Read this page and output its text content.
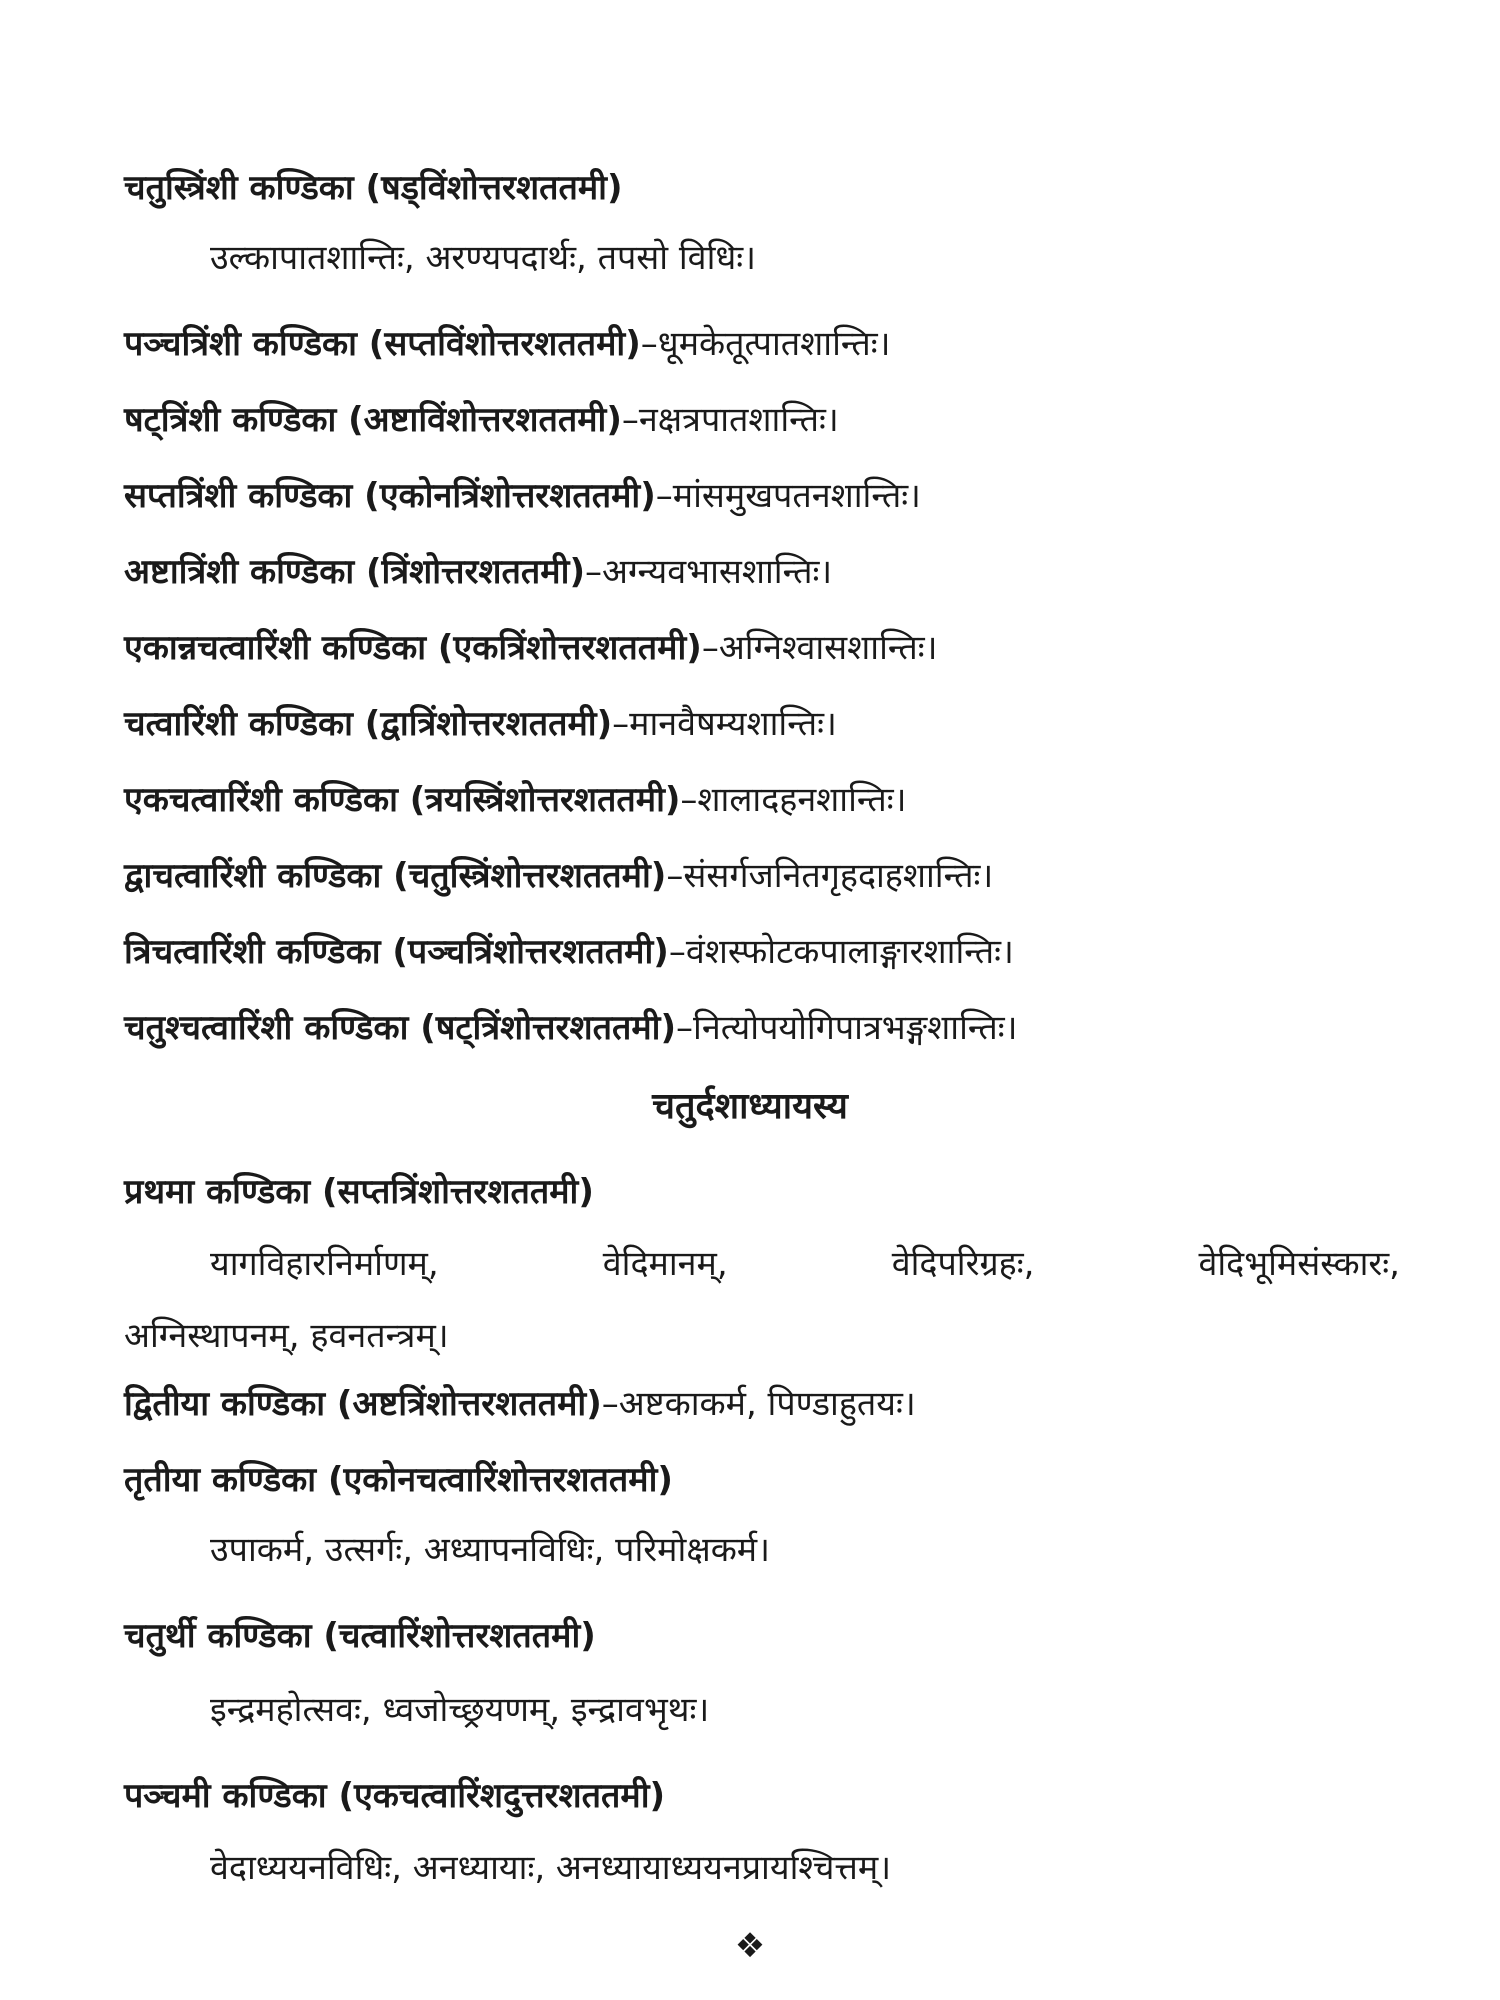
चतुस्त्रिंशी कण्डिका (षड्विंशोत्तरशततमी)
उल्कापातशान्तिः, अरण्यपदार्थः, तपसो विधिः।
पञ्चत्रिंशी कण्डिका (सप्तविंशोत्तरशततमी)–धूमकेतूत्पातशान्तिः।
षट्त्रिंशी कण्डिका (अष्टाविंशोत्तरशततमी)–नक्षत्रपातशान्तिः।
सप्तत्रिंशी कण्डिका (एकोनत्रिंशोत्तरशततमी)–मांसमुखपतनशान्तिः।
अष्टात्रिंशी कण्डिका (त्रिंशोत्तरशततमी)–अग्न्यवभासशान्तिः।
एकान्नचत्वारिंशी कण्डिका (एकत्रिंशोत्तरशततमी)–अग्निश्वासशान्तिः।
चत्वारिंशी कण्डिका (द्वात्रिंशोत्तरशततमी)–मानवैषम्यशान्तिः।
एकचत्वारिंशी कण्डिका (त्रयस्त्रिंशोत्तरशततमी)–शालादहनशान्तिः।
द्वाचत्वारिंशी कण्डिका (चतुस्त्रिंशोत्तरशततमी)–संसर्गजनितगृहदाहशान्तिः।
त्रिचत्वारिंशी कण्डिका (पञ्चत्रिंशोत्तरशततमी)–वंशस्फोटकपालाङ्गारशान्तिः।
चतुश्चत्वारिंशी कण्डिका (षट्त्रिंशोत्तरशततमी)–नित्योपयोगिपात्रभङ्गशान्तिः।
चतुर्दशाध्यायस्य
प्रथमा कण्डिका (सप्तत्रिंशोत्तरशततमी)
यागविहारनिर्माणम्,	वेदिमानम्,	वेदिपरिग्रहः,	वेदिभूमिसंस्कारः,
अग्निस्थापनम्, हवनतन्त्रम्।
द्वितीया कण्डिका (अष्टत्रिंशोत्तरशततमी)–अष्टकाकर्म, पिण्डाहुतयः।
तृतीया कण्डिका (एकोनचत्वारिंशोत्तरशततमी)
उपाकर्म, उत्सर्गः, अध्यापनविधिः, परिमोक्षकर्म।
चतुर्थी कण्डिका (चत्वारिंशोत्तरशततमी)
इन्द्रमहोत्सवः, ध्वजोच्छ्रयणम्, इन्द्रावभृथः।
पञ्चमी कण्डिका (एकचत्वारिंशदुत्तरशततमी)
वेदाध्ययनविधिः, अनध्यायाः, अनध्यायाध्ययनप्रायश्चित्तम्।
❖
